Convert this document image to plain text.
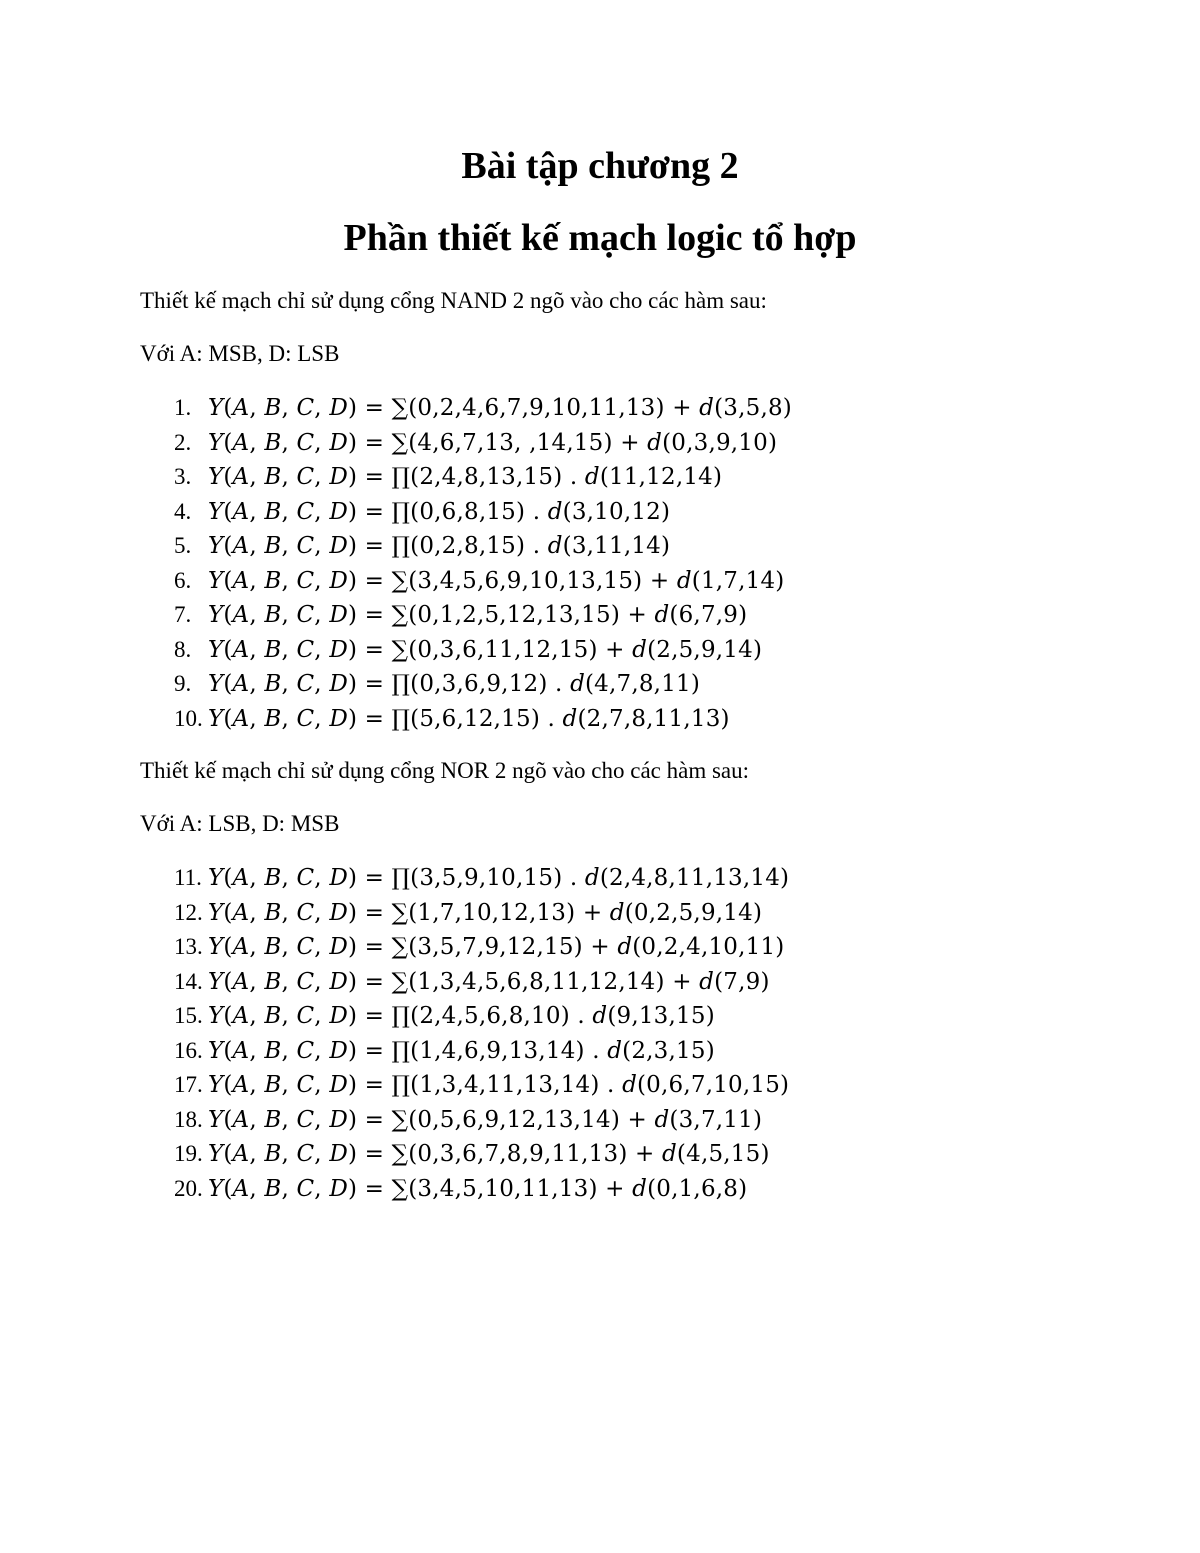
Bài tập chương 2
Phần thiết kế mạch logic tổ hợp
Thiết kế mạch chỉ sử dụng cổng NAND 2 ngõ vào cho các hàm sau:
Với A: MSB, D: LSB
1. 𝑌(𝐴, 𝐵, 𝐶, 𝐷) = ∑(0,2,4,6,7,9,10,11,13) + 𝑑(3,5,8)
2. 𝑌(𝐴, 𝐵, 𝐶, 𝐷) = ∑(4,6,7,13, ,14,15) + 𝑑(0,3,9,10)
3. 𝑌(𝐴, 𝐵, 𝐶, 𝐷) = ∏(2,4,8,13,15) . 𝑑(11,12,14)
4. 𝑌(𝐴, 𝐵, 𝐶, 𝐷) = ∏(0,6,8,15) . 𝑑(3,10,12)
5. 𝑌(𝐴, 𝐵, 𝐶, 𝐷) = ∏(0,2,8,15) . 𝑑(3,11,14)
6. 𝑌(𝐴, 𝐵, 𝐶, 𝐷) = ∑(3,4,5,6,9,10,13,15) + 𝑑(1,7,14)
7. 𝑌(𝐴, 𝐵, 𝐶, 𝐷) = ∑(0,1,2,5,12,13,15) + 𝑑(6,7,9)
8. 𝑌(𝐴, 𝐵, 𝐶, 𝐷) = ∑(0,3,6,11,12,15) + 𝑑(2,5,9,14)
9. 𝑌(𝐴, 𝐵, 𝐶, 𝐷) = ∏(0,3,6,9,12) . 𝑑(4,7,8,11)
10. 𝑌(𝐴, 𝐵, 𝐶, 𝐷) = ∏(5,6,12,15) . 𝑑(2,7,8,11,13)
Thiết kế mạch chỉ sử dụng cổng NOR 2 ngõ vào cho các hàm sau:
Với A: LSB, D: MSB
11. 𝑌(𝐴, 𝐵, 𝐶, 𝐷) = ∏(3,5,9,10,15) . 𝑑(2,4,8,11,13,14)
12. 𝑌(𝐴, 𝐵, 𝐶, 𝐷) = ∑(1,7,10,12,13) + 𝑑(0,2,5,9,14)
13. 𝑌(𝐴, 𝐵, 𝐶, 𝐷) = ∑(3,5,7,9,12,15) + 𝑑(0,2,4,10,11)
14. 𝑌(𝐴, 𝐵, 𝐶, 𝐷) = ∑(1,3,4,5,6,8,11,12,14) + 𝑑(7,9)
15. 𝑌(𝐴, 𝐵, 𝐶, 𝐷) = ∏(2,4,5,6,8,10) . 𝑑(9,13,15)
16. 𝑌(𝐴, 𝐵, 𝐶, 𝐷) = ∏(1,4,6,9,13,14) . 𝑑(2,3,15)
17. 𝑌(𝐴, 𝐵, 𝐶, 𝐷) = ∏(1,3,4,11,13,14) . 𝑑(0,6,7,10,15)
18. 𝑌(𝐴, 𝐵, 𝐶, 𝐷) = ∑(0,5,6,9,12,13,14) + 𝑑(3,7,11)
19. 𝑌(𝐴, 𝐵, 𝐶, 𝐷) = ∑(0,3,6,7,8,9,11,13) + 𝑑(4,5,15)
20. 𝑌(𝐴, 𝐵, 𝐶, 𝐷) = ∑(3,4,5,10,11,13) + 𝑑(0,1,6,8)
